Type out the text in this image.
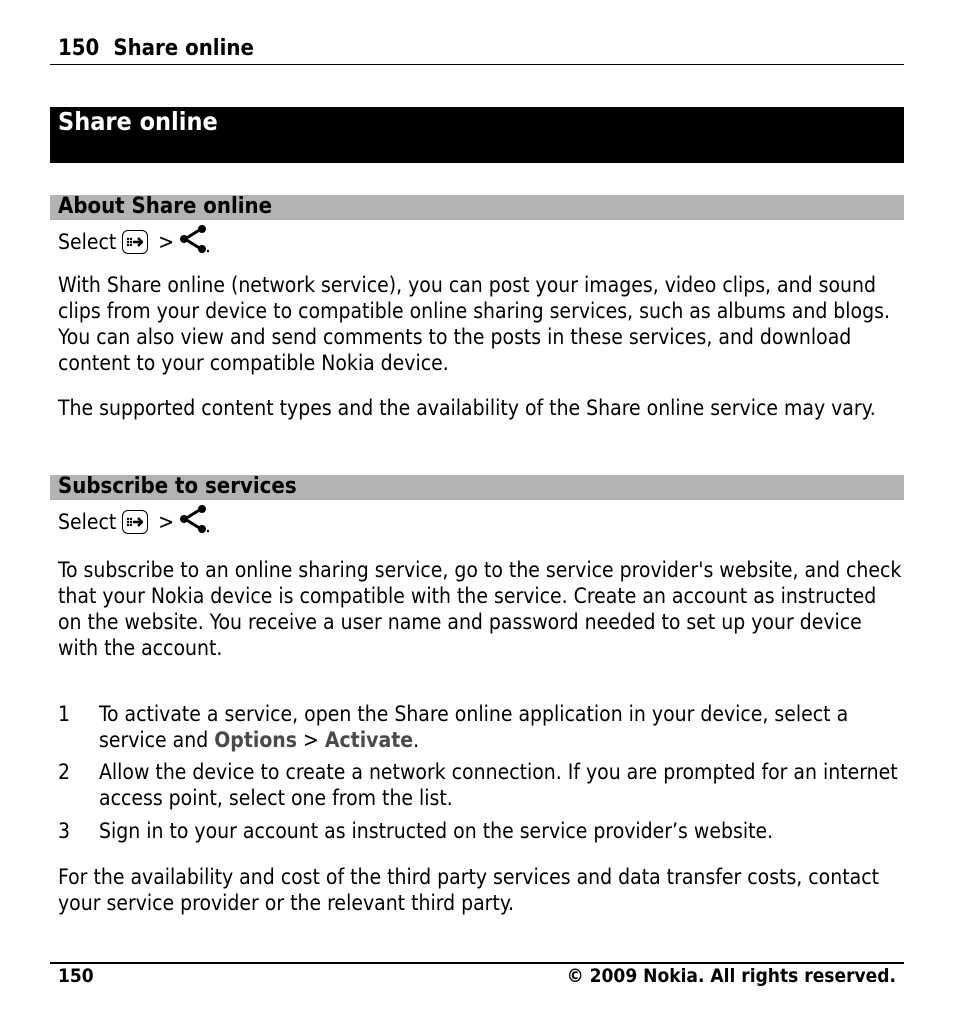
150 Share online
Share online
About Share online
Select >
With Share online (network service), you can post your images, video clips, and sound clips from your device to compatible online sharing services, such as albums and blogs. You can also view and send comments to the posts in these services, and download content to your compatible Nokia device.
The supported content types and the availability of the Share online service may vary.
Subscribe to services
Select >
To subscribe to an online sharing service, go to the service provider's website, and check that your Nokia device is compatible with the service. Create an account as instructed on the website. You receive a user name and password needed to set up your device with the account.
1	To activate a service, open the Share online application in your device, select a service and Options > Activate.
2	Allow the device to create a network connection. If you are prompted for an internet access point, select one from the list.
3	Sign in to your account as instructed on the service provider’s website.
For the availability and cost of the third party services and data transfer costs, contact your service provider or the relevant third party.
150	© 2009 Nokia. All rights reserved.
